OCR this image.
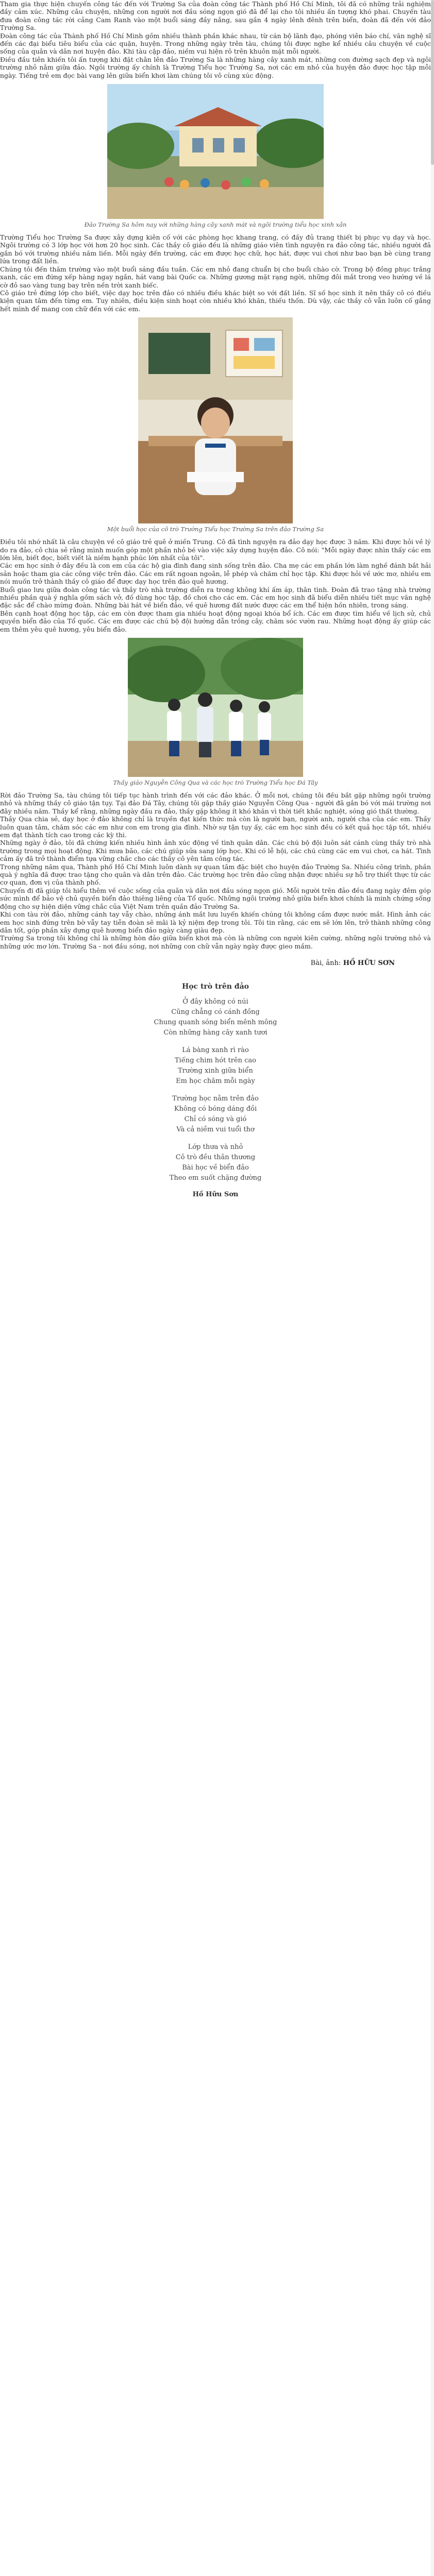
Tham gia thực hiện chuyến công tác đến với Trường Sa của đoàn công tác Thành phố Hồ Chí Minh, tôi đã có những trải nghiệm đầy cảm xúc. Những câu chuyện, những con người nơi đầu sóng ngọn gió đã để lại cho tôi nhiều ấn tượng khó phai. Chuyến tàu đưa đoàn công tác rời cảng Cam Ranh vào một buổi sáng đầy nắng, sau gần 4 ngày lênh đênh trên biển, đoàn đã đến với đảo Trường Sa.

Đoàn công tác của Thành phố Hồ Chí Minh gồm nhiều thành phần khác nhau, từ cán bộ lãnh đạo, phóng viên báo chí, văn nghệ sĩ đến các đại biểu tiêu biểu của các quận, huyện. Trong những ngày trên tàu, chúng tôi được nghe kể nhiều câu chuyện về cuộc sống của quân và dân nơi huyện đảo. Khi tàu cập đảo, niềm vui hiện rõ trên khuôn mặt mỗi người.

Điều đầu tiên khiến tôi ấn tượng khi đặt chân lên đảo Trường Sa là những hàng cây xanh mát, những con đường sạch đẹp và ngôi trường nhỏ nằm giữa đảo. Ngôi trường ấy chính là Trường Tiểu học Trường Sa, nơi các em nhỏ của huyện đảo được học tập mỗi ngày. Tiếng trẻ em đọc bài vang lên giữa biển khơi làm chúng tôi vô cùng xúc động.

Đảo Trường Sa hôm nay với những hàng cây xanh mát và ngôi trường tiểu học xinh xắn

Trường Tiểu học Trường Sa được xây dựng kiên cố với các phòng học khang trang, có đầy đủ trang thiết bị phục vụ dạy và học. Ngôi trường có 3 lớp học với hơn 20 học sinh. Các thầy cô giáo đều là những giáo viên tình nguyện ra đảo công tác, nhiều người đã gắn bó với trường nhiều năm liền. Mỗi ngày đến trường, các em được học chữ, học hát, được vui chơi như bao bạn bè cùng trang lứa trong đất liền.

Chúng tôi đến thăm trường vào một buổi sáng đầu tuần. Các em nhỏ đang chuẩn bị cho buổi chào cờ. Trong bộ đồng phục trắng xanh, các em đứng xếp hàng ngay ngắn, hát vang bài Quốc ca. Những gương mặt rạng ngời, những đôi mắt trong veo hướng về lá cờ đỏ sao vàng tung bay trên nền trời xanh biếc.

Cô giáo trẻ đứng lớp cho biết, việc dạy học trên đảo có nhiều điều khác biệt so với đất liền. Sĩ số học sinh ít nên thầy cô có điều kiện quan tâm đến từng em. Tuy nhiên, điều kiện sinh hoạt còn nhiều khó khăn, thiếu thốn. Dù vậy, các thầy cô vẫn luôn cố gắng hết mình để mang con chữ đến với các em.

Một buổi học của cô trò Trường Tiểu học Trường Sa trên đảo Trường Sa

Điều tôi nhớ nhất là câu chuyện về cô giáo trẻ quê ở miền Trung. Cô đã tình nguyện ra đảo dạy học được 3 năm. Khi được hỏi về lý do ra đảo, cô chia sẻ rằng mình muốn góp một phần nhỏ bé vào việc xây dựng huyện đảo. Cô nói: "Mỗi ngày được nhìn thấy các em lớn lên, biết đọc, biết viết là niềm hạnh phúc lớn nhất của tôi".

Các em học sinh ở đây đều là con em của các hộ gia đình đang sinh sống trên đảo. Cha mẹ các em phần lớn làm nghề đánh bắt hải sản hoặc tham gia các công việc trên đảo. Các em rất ngoan ngoãn, lễ phép và chăm chỉ học tập. Khi được hỏi về ước mơ, nhiều em nói muốn trở thành thầy cô giáo để được dạy học trên đảo quê hương.

Buổi giao lưu giữa đoàn công tác và thầy trò nhà trường diễn ra trong không khí ấm áp, thân tình. Đoàn đã trao tặng nhà trường nhiều phần quà ý nghĩa gồm sách vở, đồ dùng học tập, đồ chơi cho các em. Các em học sinh đã biểu diễn nhiều tiết mục văn nghệ đặc sắc để chào mừng đoàn. Những bài hát về biển đảo, về quê hương đất nước được các em thể hiện hồn nhiên, trong sáng.

Bên cạnh hoạt động học tập, các em còn được tham gia nhiều hoạt động ngoại khóa bổ ích. Các em được tìm hiểu về lịch sử, chủ quyền biển đảo của Tổ quốc. Các em được các chú bộ đội hướng dẫn trồng cây, chăm sóc vườn rau. Những hoạt động ấy giúp các em thêm yêu quê hương, yêu biển đảo.

Thầy giáo Nguyễn Công Qua và các học trò Trường Tiểu học Đá Tây

Rời đảo Trường Sa, tàu chúng tôi tiếp tục hành trình đến với các đảo khác. Ở mỗi nơi, chúng tôi đều bắt gặp những ngôi trường nhỏ và những thầy cô giáo tận tụy. Tại đảo Đá Tây, chúng tôi gặp thầy giáo Nguyễn Công Qua - người đã gắn bó với mái trường nơi đây nhiều năm. Thầy kể rằng, những ngày đầu ra đảo, thầy gặp không ít khó khăn vì thời tiết khắc nghiệt, sóng gió thất thường.

Thầy Qua chia sẻ, dạy học ở đảo không chỉ là truyền đạt kiến thức mà còn là người bạn, người anh, người cha của các em. Thầy luôn quan tâm, chăm sóc các em như con em trong gia đình. Nhờ sự tận tụy ấy, các em học sinh đều có kết quả học tập tốt, nhiều em đạt thành tích cao trong các kỳ thi.

Những ngày ở đảo, tôi đã chứng kiến nhiều hình ảnh xúc động về tình quân dân. Các chú bộ đội luôn sát cánh cùng thầy trò nhà trường trong mọi hoạt động. Khi mưa bão, các chú giúp sửa sang lớp học. Khi có lễ hội, các chú cùng các em vui chơi, ca hát. Tình cảm ấy đã trở thành điểm tựa vững chắc cho các thầy cô yên tâm công tác.

Trong những năm qua, Thành phố Hồ Chí Minh luôn dành sự quan tâm đặc biệt cho huyện đảo Trường Sa. Nhiều công trình, phần quà ý nghĩa đã được trao tặng cho quân và dân trên đảo. Các trường học trên đảo cũng nhận được nhiều sự hỗ trợ thiết thực từ các cơ quan, đơn vị của thành phố.

Chuyến đi đã giúp tôi hiểu thêm về cuộc sống của quân và dân nơi đầu sóng ngọn gió. Mỗi người trên đảo đều đang ngày đêm góp sức mình để bảo vệ chủ quyền biển đảo thiêng liêng của Tổ quốc. Những ngôi trường nhỏ giữa biển khơi chính là minh chứng sống động cho sự hiện diện vững chắc của Việt Nam trên quần đảo Trường Sa.

Khi con tàu rời đảo, những cánh tay vẫy chào, những ánh mắt lưu luyến khiến chúng tôi không cầm được nước mắt. Hình ảnh các em học sinh đứng trên bờ vẫy tay tiễn đoàn sẽ mãi là kỷ niệm đẹp trong tôi. Tôi tin rằng, các em sẽ lớn lên, trở thành những công dân tốt, góp phần xây dựng quê hương biển đảo ngày càng giàu đẹp.

Trường Sa trong tôi không chỉ là những hòn đảo giữa biển khơi mà còn là những con người kiên cường, những ngôi trường nhỏ và những ước mơ lớn. Trường Sa - nơi đầu sóng, nơi những con chữ vẫn ngày ngày được gieo mầm.

Bài, ảnh: HỒ HỮU SƠN
Học trò trên đảo
Ở đây không có núi
Cũng chẳng có cánh đồng
Chung quanh sóng biển mênh mông
Còn những hàng cây xanh tươi
Lá bàng xanh rì rào
Tiếng chim hót trên cao
Trường xinh giữa biển
Em học chăm mỗi ngày
Trường học nằm trên đảo
Không có bóng dáng đồi
Chỉ có sóng và gió
Và cả niềm vui tuổi thơ
Lớp thưa và nhỏ
Cô trò đều thân thương
Bài học về biển đảo
Theo em suốt chặng đường
Hồ Hữu Sơn
